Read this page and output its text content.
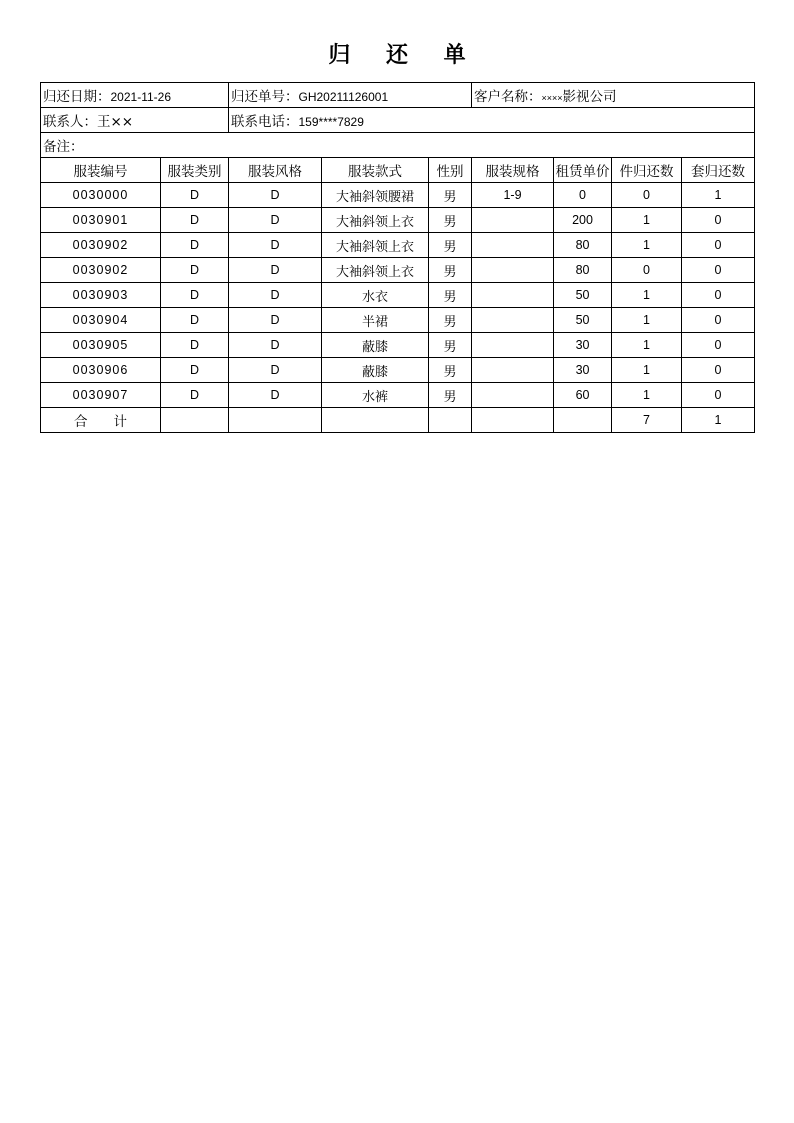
归 还 单
归还日期：2021-11-26		归还单号：GH20211126001			客户名称：××××影视公司			
联系人：王××		联系电话：159****7829						
备注：								
服装编号	服装类别	服装风格	服装款式	性别	服装规格	租赁单价	件归还数	套归还数
0030000	D	D	大袖斜领腰裙	男	1-9	0	0	1
0030901	D	D	大袖斜领上衣	男		200	1	0
0030902	D	D	大袖斜领上衣	男		80	1	0
0030902	D	D	大袖斜领上衣	男		80	0	0
0030903	D	D	水衣	男		50	1	0
0030904	D	D	半裙	男		50	1	0
0030905	D	D	蔽膝	男		30	1	0
0030906	D	D	蔽膝	男		30	1	0
0030907	D	D	水裤	男		60	1	0
合计							7	1
